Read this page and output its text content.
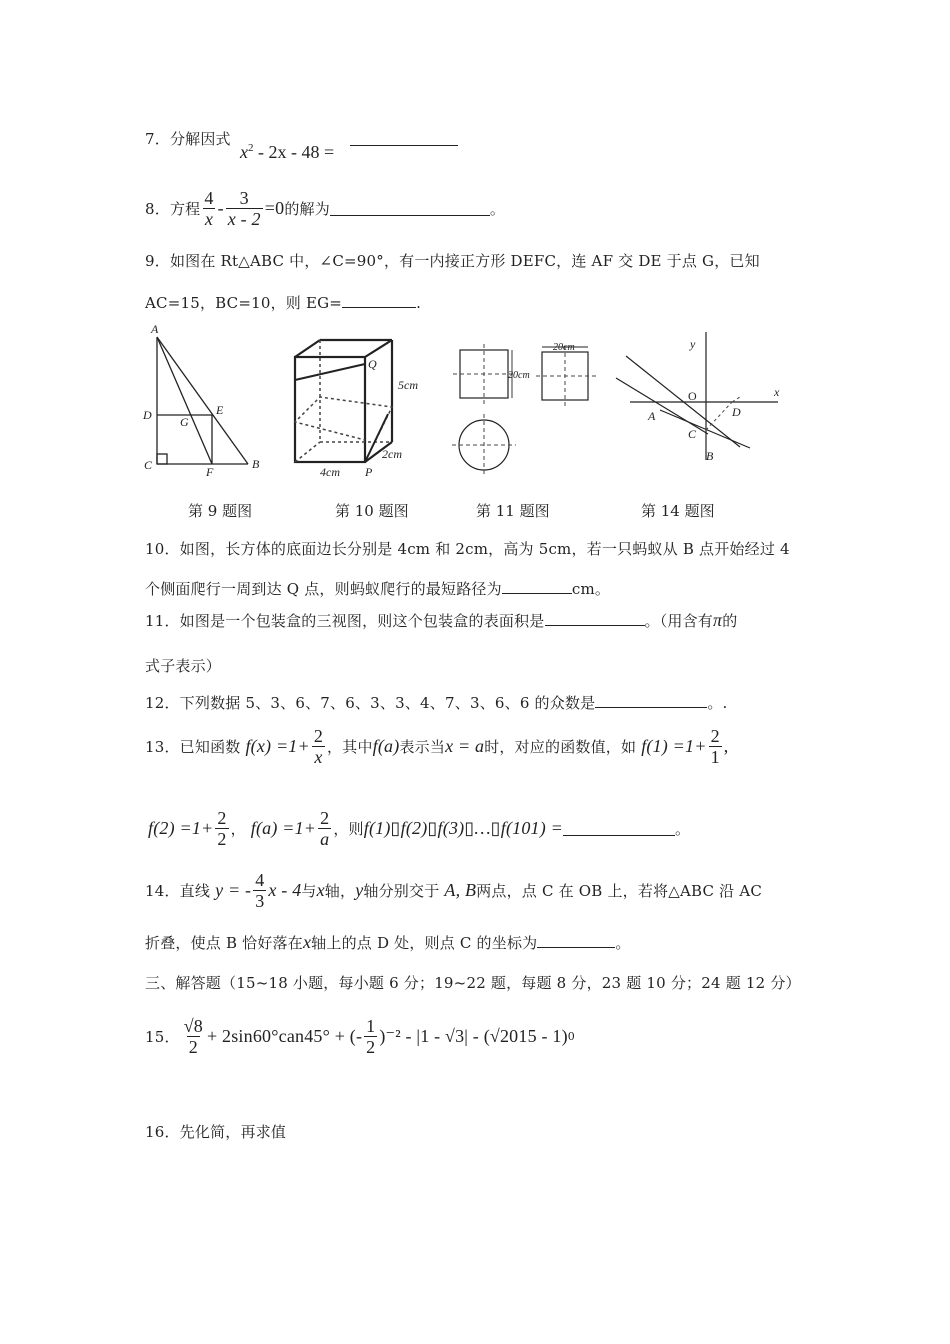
7．分解因式
$x^2 - 2x - 48$ =
8． 方程 $\frac{4}{x} - \frac{3}{x - 2} =0$ 的解为	。
9．如图在 Rt△ABC 中，∠C=90°，有一内接正方形 DEFC，连 AF 交 DE 于点 G，已知
AC=15，BC=10，则 EG=	.
A
D	E
G
C	F
B
Q
P
5cm
4cm
2cm
20cm
20cm	y
x
O
A
C
D
B
第 9 题图	第 10 题图	第 11 题图	第 14 题图
10．如图，长方体的底面边长分别是 4cm 和 2cm，高为 5cm，若一只蚂蚁从 B 点开始经过 4
个侧面爬行一周到达 Q 点，则蚂蚁爬行的最短路径为	cm。
11．如图是一个包装盒的三视图，则这个包装盒的表面积是	。（用含有π的
式子表示）
12．下列数据 5、3、6、7、6、3、3、4、7、3、6、6 的众数是	。.
13．已知函数
$f(x) =1+ \frac{2}{x}$ ，其中 f(a) 表示当 x = a 时，对应的函数值，如
$f(1) =1+ \frac{2}{1}$ ,
$f(2) =1+ \frac{2}{2}$ ，
$f(a) =1+ \frac{2}{a}$ ，则 f(1)▯f(2)▯f(3)▯…▯f(101) =	。
14．直线
y = - $\frac{4}{3}$ x - 4 与 x 轴， y 轴分别交于
A, B 两点，点 C 在 OB 上，若将△ABC 沿 AC
折叠，使点 B 恰好落在x轴上的点 D 处，则点 C 的坐标为	。
三、解答题（15~18 小题，每小题 6 分；19~22 题，每题 8 分，23 题 10 分；24 题 12 分）
15． $\frac{√8}{2} + 2\sin 60^\circ can45^\circ$ + (- $\frac{1}{2} )^{-2} - |1 - √3| - (√2015 - 1)$ 0
16．先化简，再求值
